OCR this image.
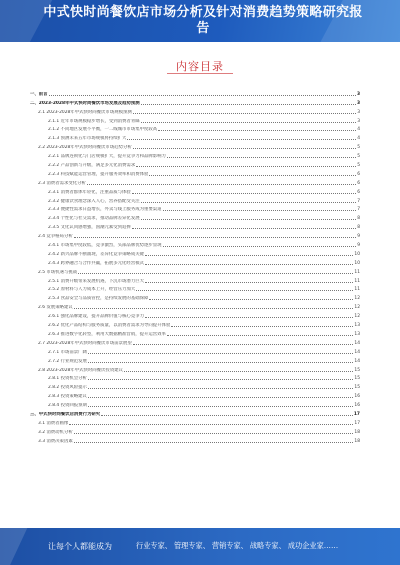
中式快时尚餐饮店市场分析及针对消费趋势策略研究报告
内容目录
一、前言	3
二、2023-2028年中式快时尚餐饮市场发展及趋势预测	3
2.1 2023-2028年中式快时尚餐饮市场规模预测	3
2.1.1 近年市场规模稳步增长，受到消费者青睐	3
2.1.2 不同地区发展不平衡，一二线城市市场集中度较高	4
2.1.3 预测未来五年市场规模将持续扩大	4
2.2 2023-2028年中式快时尚餐饮市场趋势分析	5
2.2.1 品牌连锁化与门店规模扩大，提升竞争力和品牌影响力	5
2.2.2 产品创新与升级，满足多元化消费需求	5
2.2.3 科技赋能运营管理，提升服务效率和消费体验	6
2.3 消费者需求变化分析	6
2.3.1 消费者群体年轻化，注重品质与体验	6
2.3.2 健康饮食理念深入人心，营养搭配受关注	7
2.3.3 便捷性需求日益增长，外卖与线上服务成为重要渠道	7
2.3.4 个性化与社交需求，推动品牌差异化发展	8
2.3.5 文化认同感增强，国潮元素受到追捧	8
2.4 竞争格局分析	9
2.4.1 市场集中度较低，竞争激烈，头部品牌优势逐步显现	9
2.4.2 新兴品牌不断涌现，差异化竞争策略成关键	10
2.4.3 跨界融合与合作共赢，拓展多元化经营模式	10
2.5 市场机遇与挑战	11
2.5.1 消费升级带来发展机遇，下沉市场潜力巨大	11
2.5.2 原材料与人力成本上升，经营压力加大	11
2.5.3 食品安全与品质管控，是持续发展的基础保障	12
2.6 发展策略建议	12
2.6.1 强化品牌建设，提升品牌价值与核心竞争力	12
2.6.2 优化产品结构与服务质量，以消费者需求为导向提升体验	13
2.6.3 推进数字化转型，利用大数据精准营销，提升运营效率	13
2.7 2023-2028年中式快时尚餐饮市场前景展望	14
2.7.1 市场前景广阔	14
2.7.2 行业规范发展	14
2.8 2023-2028年中式快时尚餐饮投资建议	15
2.8.1 投资机会分析	15
2.8.2 投资风险提示	15
2.8.3 投资策略建议	16
2.8.4 投资回报预期	16
三、中式快时尚餐饮店消费行为研究	17
3.1 消费者画像	17
3.2 消费动机分析	18
3.3 消费决策因素	18
让每个人都能成为	行业专家、 管理专家、 营销专家、 战略专家、 成功企业家……
